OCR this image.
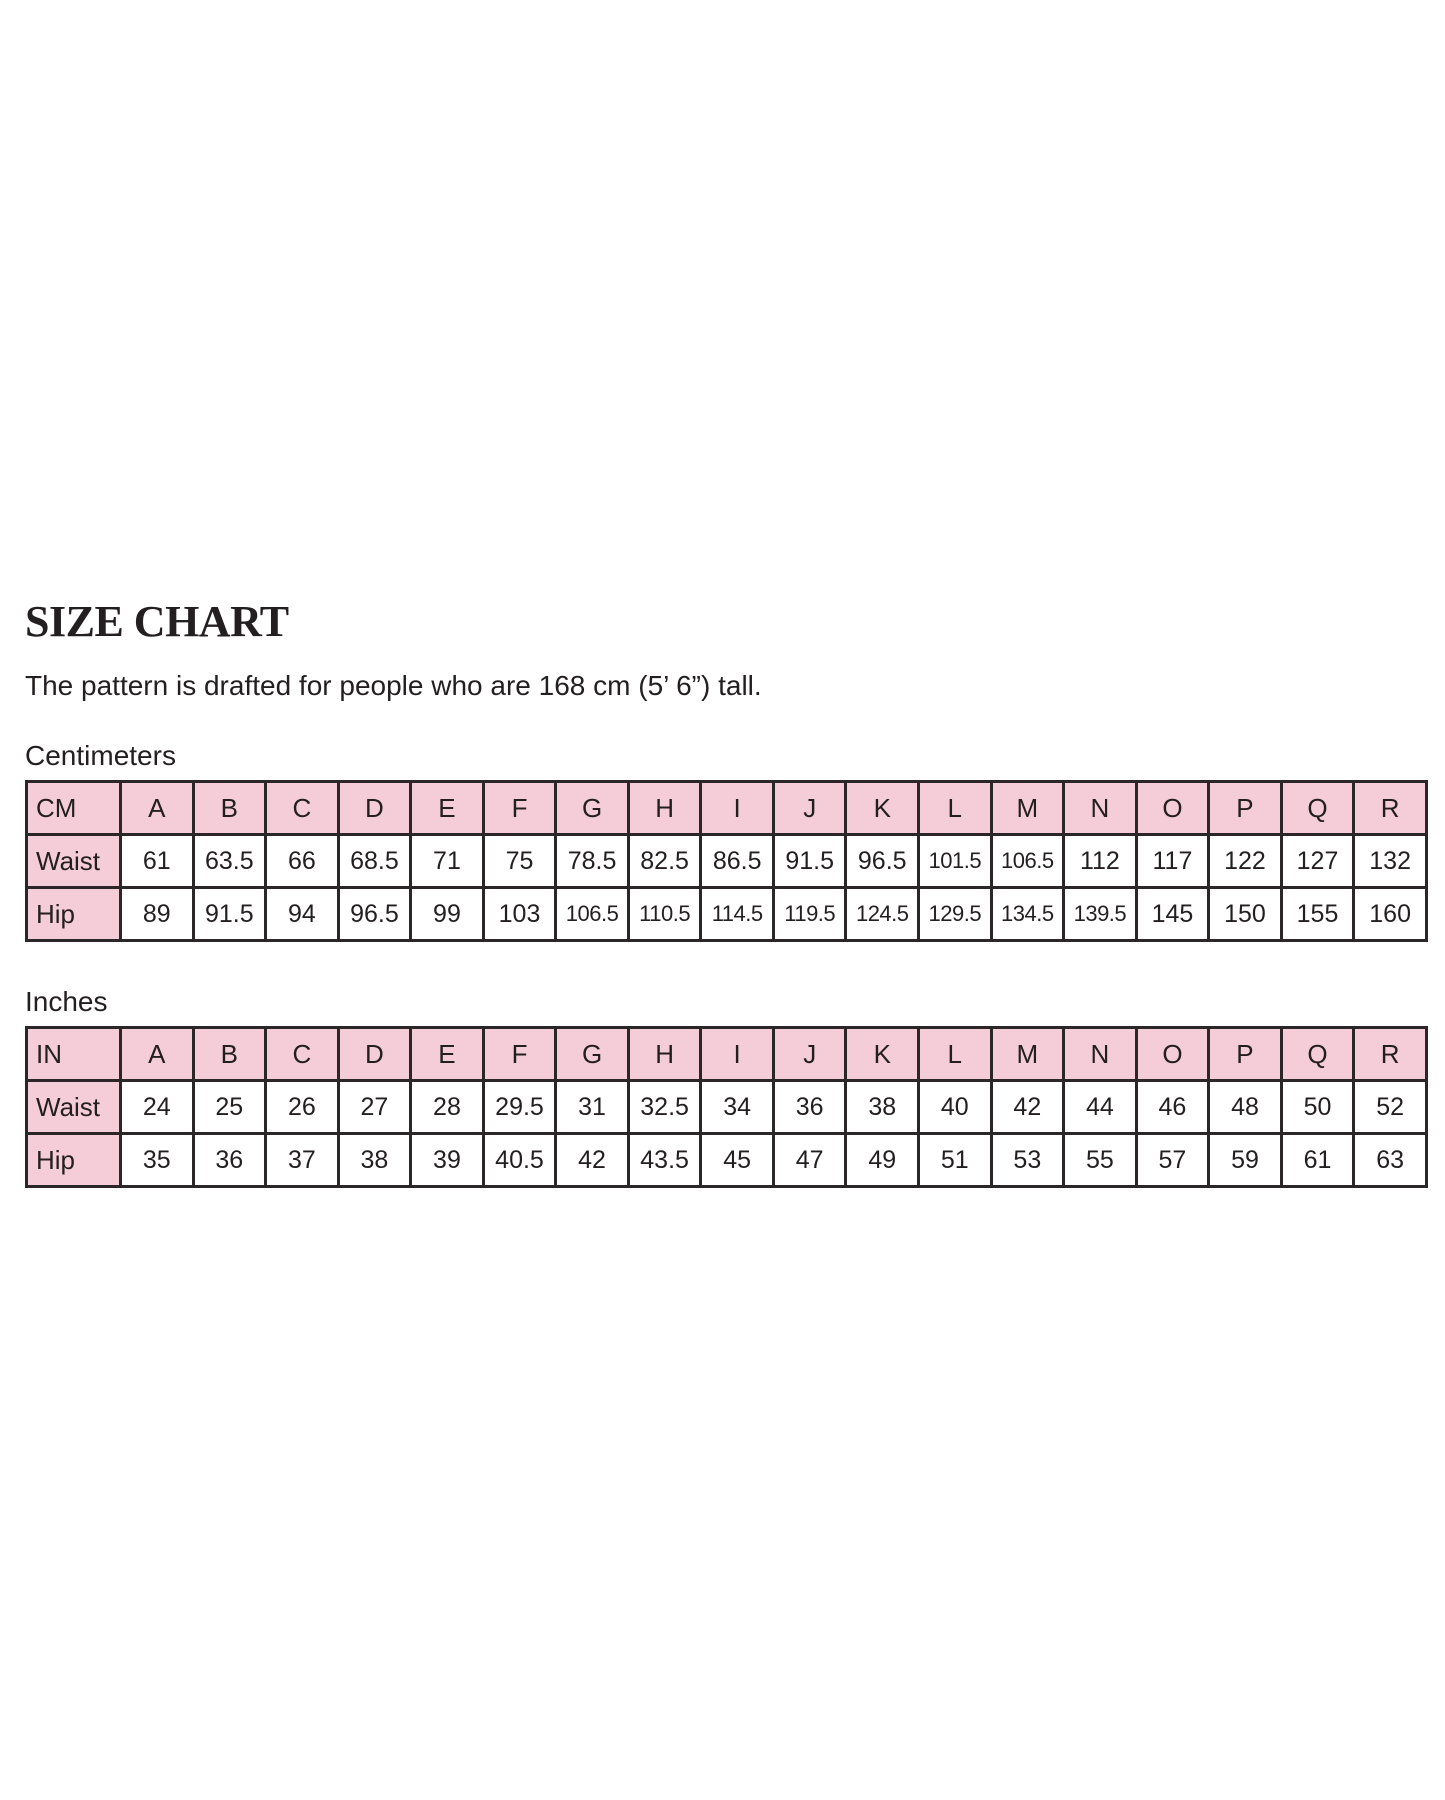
SIZE CHART
The pattern is drafted for people who are 168 cm (5’ 6”) tall.
Centimeters
CM	A	B	C	D	E	F	G	H	I	J	K	L	M	N	O	P	Q	R
Waist	61	63.5	66	68.5	71	75	78.5	82.5	86.5	91.5	96.5	101.5	106.5	112	117	122	127	132
Hip	89	91.5	94	96.5	99	103	106.5	110.5	114.5	119.5	124.5	129.5	134.5	139.5	145	150	155	160
Inches
IN	A	B	C	D	E	F	G	H	I	J	K	L	M	N	O	P	Q	R
Waist	24	25	26	27	28	29.5	31	32.5	34	36	38	40	42	44	46	48	50	52
Hip	35	36	37	38	39	40.5	42	43.5	45	47	49	51	53	55	57	59	61	63
